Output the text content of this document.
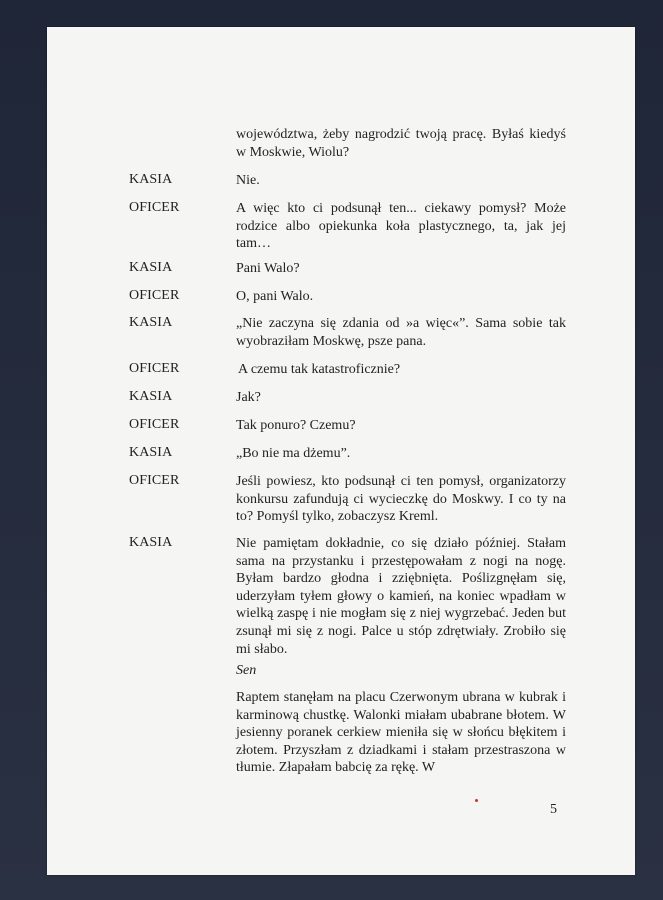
województwa, żeby nagrodzić twoją pracę. Byłaś kiedyś w Moskwie, Wiolu?
KASIA	Nie.
OFICER	A więc kto ci podsunął ten... ciekawy pomysł? Może rodzice albo opiekunka koła plastycznego, ta, jak jej tam…
KASIA	Pani Walo?
OFICER	O, pani Walo.
KASIA	„Nie zaczyna się zdania od »a więc«”. Sama sobie tak wyobraziłam Moskwę, psze pana.
OFICER	A czemu tak katastroficznie?
KASIA	Jak?
OFICER	Tak ponuro? Czemu?
KASIA	„Bo nie ma dżemu”.
OFICER	Jeśli powiesz, kto podsunął ci ten pomysł, organizatorzy konkursu zafundują ci wycieczkę do Moskwy. I co ty na to? Pomyśl tylko, zobaczysz Kreml.
KASIA	Nie pamiętam dokładnie, co się działo później. Stałam sama na przystanku i przestępowałam z nogi na nogę. Byłam bardzo głodna i zziębnięta. Poślizgnęłam się, uderzyłam tyłem głowy o kamień, na koniec wpadłam w wielką zaspę i nie mogłam się z niej wygrzebać. Jeden but zsunął mi się z nogi. Palce u stóp zdrętwiały. Zrobiło się mi słabo.
Sen
Raptem stanęłam na placu Czerwonym ubrana w kubrak i karminową chustkę. Walonki miałam ubabrane błotem. W jesienny poranek cerkiew mieniła się w słońcu błękitem i złotem. Przyszłam z dziadkami i stałam przestraszona w tłumie. Złapałam babcię za rękę. W
5
